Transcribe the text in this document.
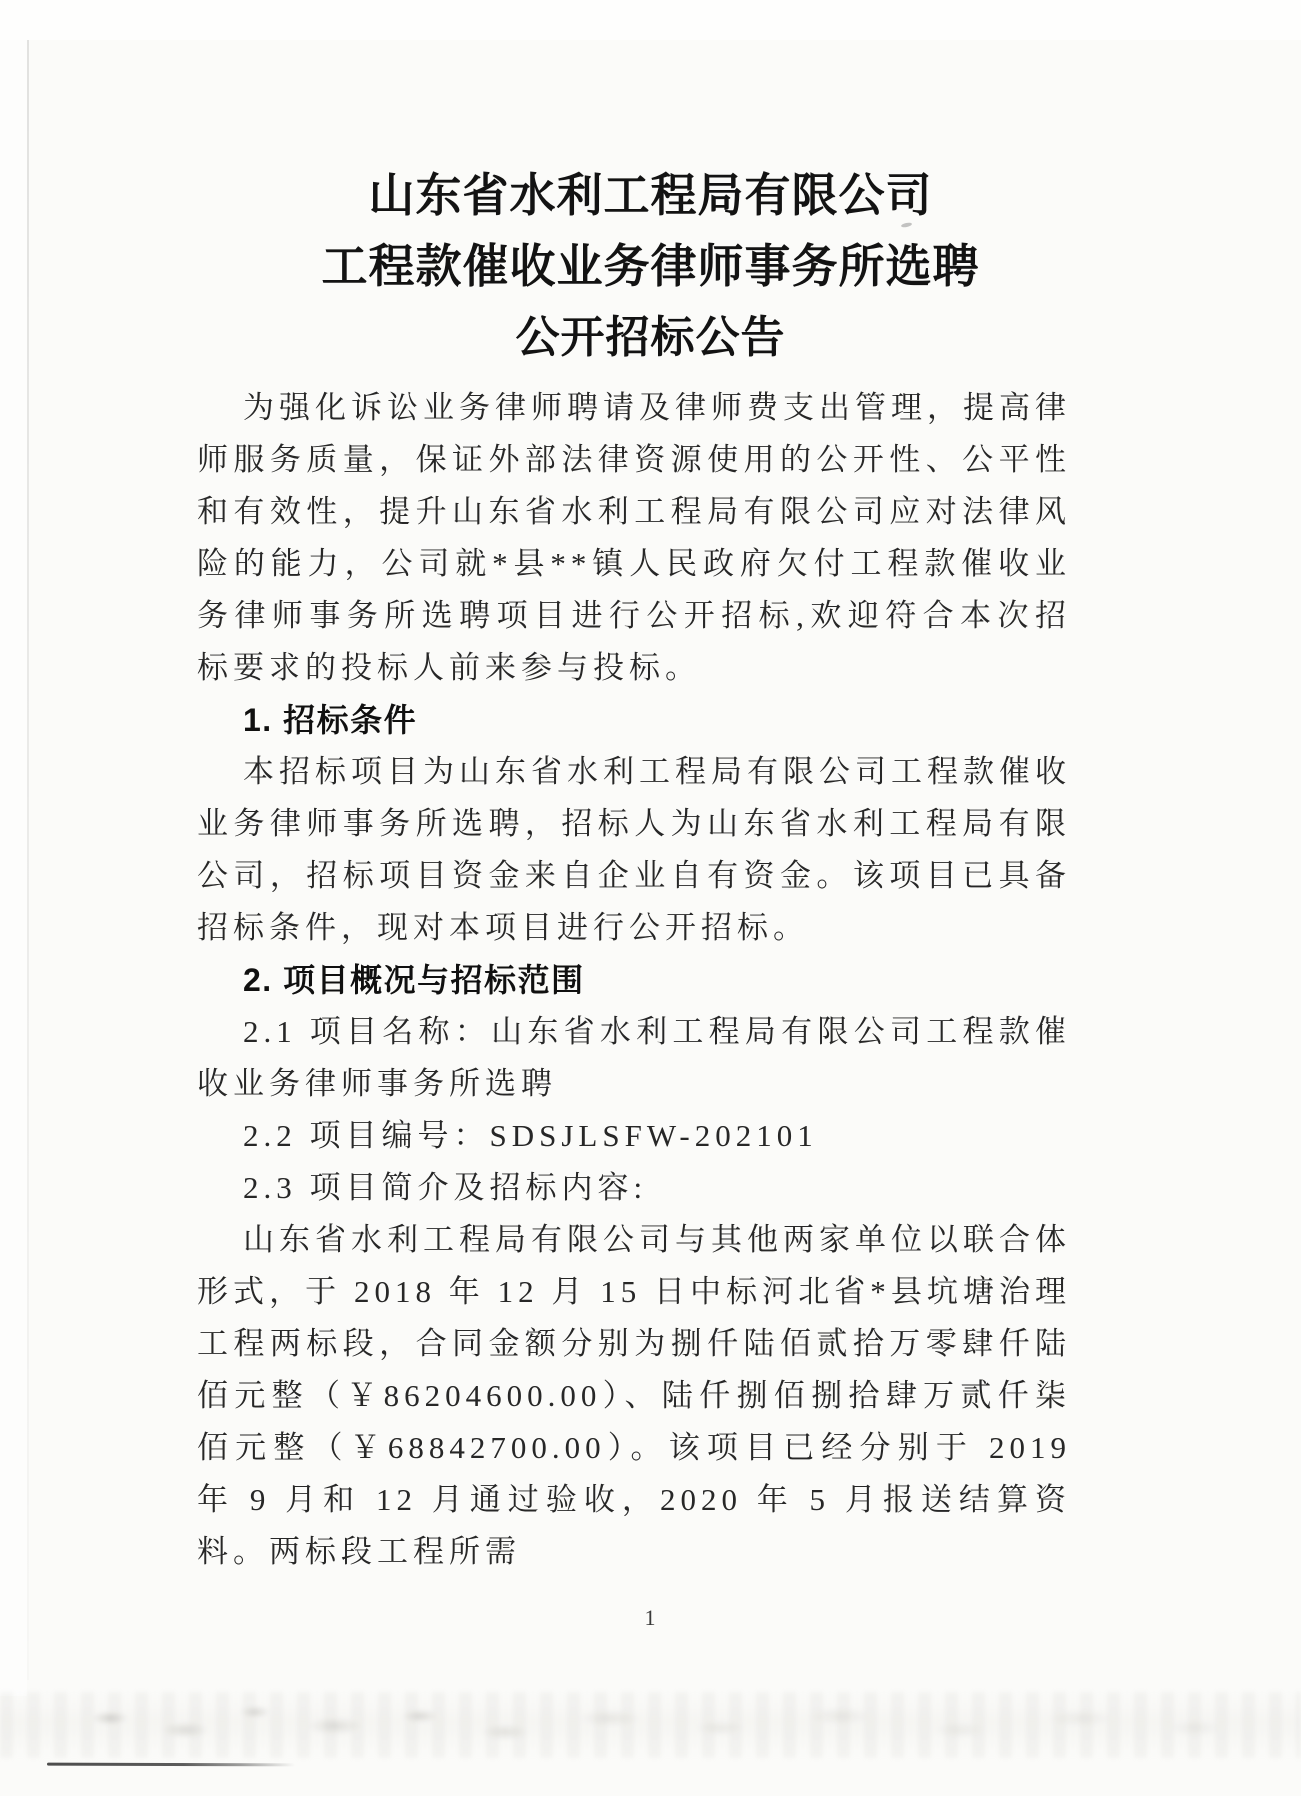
山东省水利工程局有限公司
工程款催收业务律师事务所选聘
公开招标公告

为强化诉讼业务律师聘请及律师费支出管理，提高律师服务质量，保证外部法律资源使用的公开性、公平性和有效性，提升山东省水利工程局有限公司应对法律风险的能力，公司就*县**镇人民政府欠付工程款催收业务律师事务所选聘项目进行公开招标,欢迎符合本次招标要求的投标人前来参与投标。

1. 招标条件

本招标项目为山东省水利工程局有限公司工程款催收业务律师事务所选聘，招标人为山东省水利工程局有限公司，招标项目资金来自企业自有资金。该项目已具备招标条件，现对本项目进行公开招标。

2. 项目概况与招标范围

2.1 项目名称：山东省水利工程局有限公司工程款催收业务律师事务所选聘

2.2 项目编号：SDSJLSFW-202101

2.3 项目简介及招标内容:

山东省水利工程局有限公司与其他两家单位以联合体形式，于 2018 年 12 月 15 日中标河北省*县坑塘治理工程两标段，合同金额分别为捌仟陆佰贰拾万零肆仟陆佰元整（￥86204600.00）、陆仟捌佰捌拾肆万贰仟柒佰元整（￥68842700.00）。该项目已经分别于 2019 年 9 月和 12 月通过验收，2020 年 5 月报送结算资料。两标段工程所需

1
